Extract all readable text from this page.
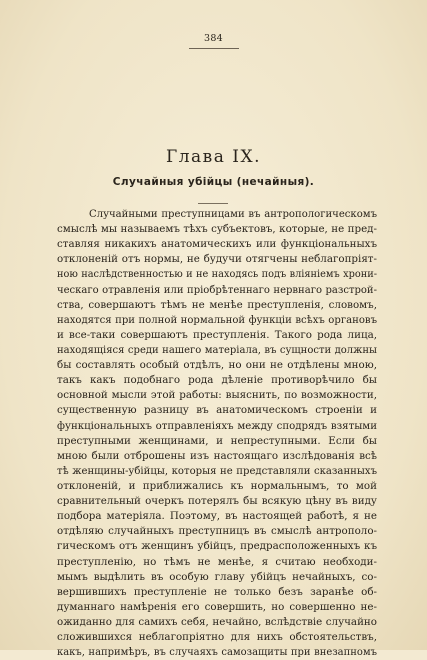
384
Глава IX.
Случайныя убійцы (нечайныя).
Случайными преступницами въ антропологическомъ
смыслѣ мы называемъ тѣхъ субъектовъ, которые, не пред-
ставляя никакихъ анатомическихъ или функціональныхъ
отклоненій отъ нормы, не будучи отягчены неблагопріят-
ною наслѣдственностью и не находясь подъ вліяніемъ хрони-
ческаго отравленія или пріобрѣтеннаго нервнаго разстрой-
ства, совершаютъ тѣмъ не менѣе преступленія, словомъ,
находятся при полной нормальной функціи всѣхъ органовъ
и все-таки совершаютъ преступленія. Такого рода лица,
находящіяся среди нашего матеріала, въ сущности должны
бы составлять особый отдѣлъ, но они не отдѣлены мною,
такъ какъ подобнаго рода дѣленіе противорѣчило бы
основной мысли этой работы: выяснить, по возможности,
существенную разницу въ анатомическомъ строеніи и
функціональныхъ отправленіяхъ между сподрядъ взятыми
преступными женщинами, и непреступными. Если бы
мною были отброшены изъ настоящаго изслѣдованія всѣ
тѣ женщины-убійцы, которыя не представляли сказанныхъ
отклоненій, и приближались къ нормальнымъ, то мой
сравнительный очеркъ потерялъ бы всякую цѣну въ виду
подбора матеріяла. Поэтому, въ настоящей работѣ, я не
отдѣляю случайныхъ преступницъ въ смыслѣ антрополо-
гическомъ отъ женщинъ убійцъ, предрасположенныхъ къ
преступленію, но тѣмъ не менѣе, я считаю необходи-
мымъ выдѣлить въ особую главу убійцъ нечайныхъ, со-
вершившихъ преступленіе не только безъ заранѣе об-
думаннаго намѣренія его совершить, но совершенно не-
ожиданно для самихъ себя, нечайно, вслѣдствіе случайно
сложившихся неблагопріятно для нихъ обстоятельствъ,
какъ, напримѣръ, въ случаяхъ самозащиты при внезапномъ
